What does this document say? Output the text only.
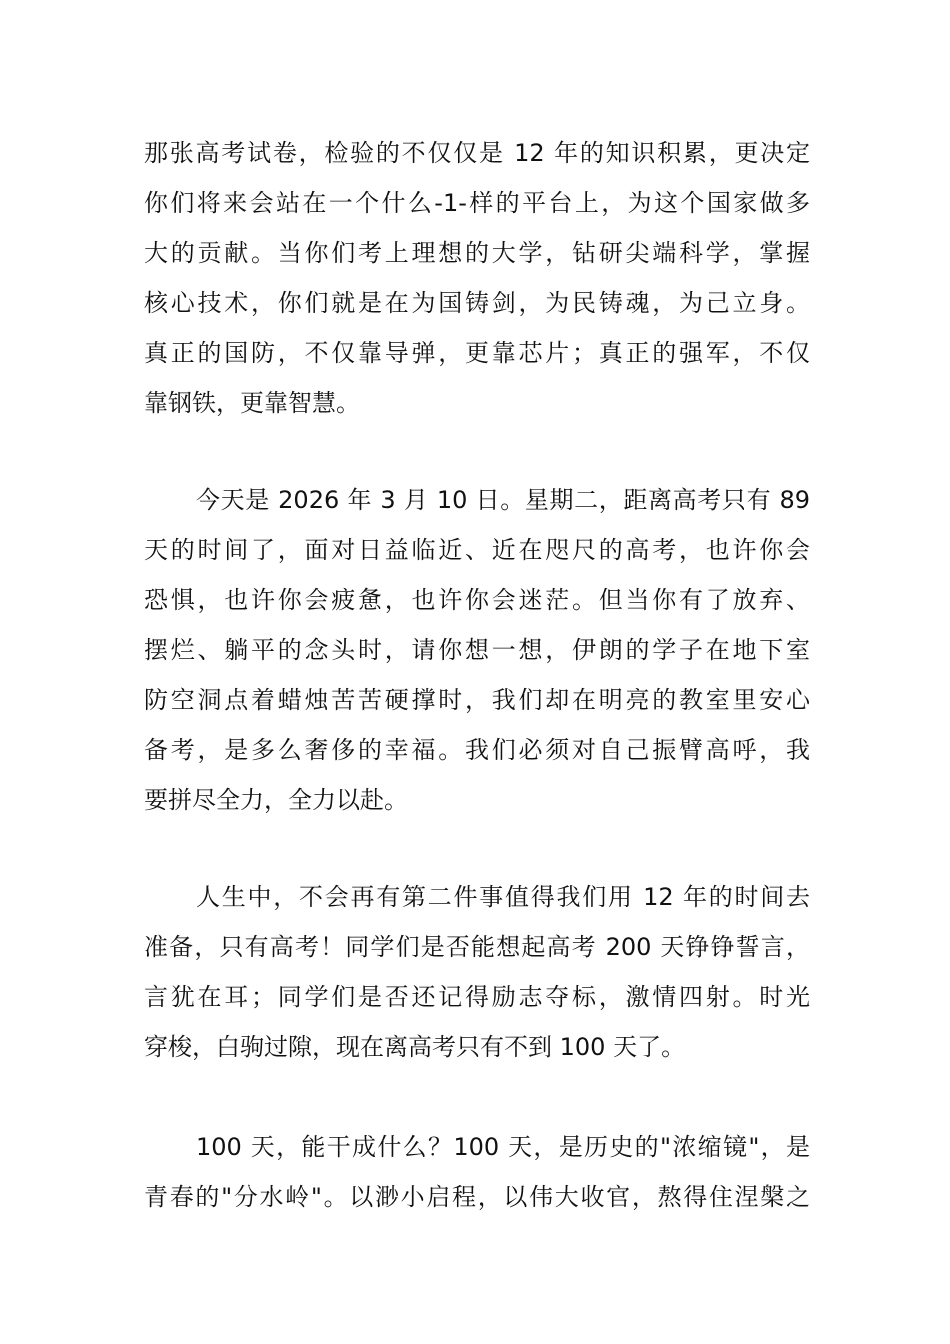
那张高考试卷，检验的不仅仅是 12 年的知识积累，更决定
你们将来会站在一个什么-1-样的平台上，为这个国家做多
大的贡献。当你们考上理想的大学，钻研尖端科学，掌握
核心技术，你们就是在为国铸剑，为民铸魂，为己立身。
真正的国防，不仅靠导弹，更靠芯片；真正的强军，不仅
靠钢铁，更靠智慧。
今天是 2026 年 3 月 10 日。星期二，距离高考只有 89
天的时间了，面对日益临近、近在咫尺的高考，也许你会
恐惧，也许你会疲惫，也许你会迷茫。但当你有了放弃、
摆烂、躺平的念头时，请你想一想，伊朗的学子在地下室
防空洞点着蜡烛苦苦硬撑时，我们却在明亮的教室里安心
备考，是多么奢侈的幸福。我们必须对自己振臂高呼，我
要拼尽全力，全力以赴。
人生中，不会再有第二件事值得我们用 12 年的时间去
准备，只有高考！同学们是否能想起高考 200 天铮铮誓言，
言犹在耳；同学们是否还记得励志夺标，激情四射。时光
穿梭，白驹过隙，现在离高考只有不到 100 天了。
100 天，能干成什么？100 天，是历史的"浓缩镜"，是
青春的"分水岭"。以渺小启程，以伟大收官，熬得住涅槃之
